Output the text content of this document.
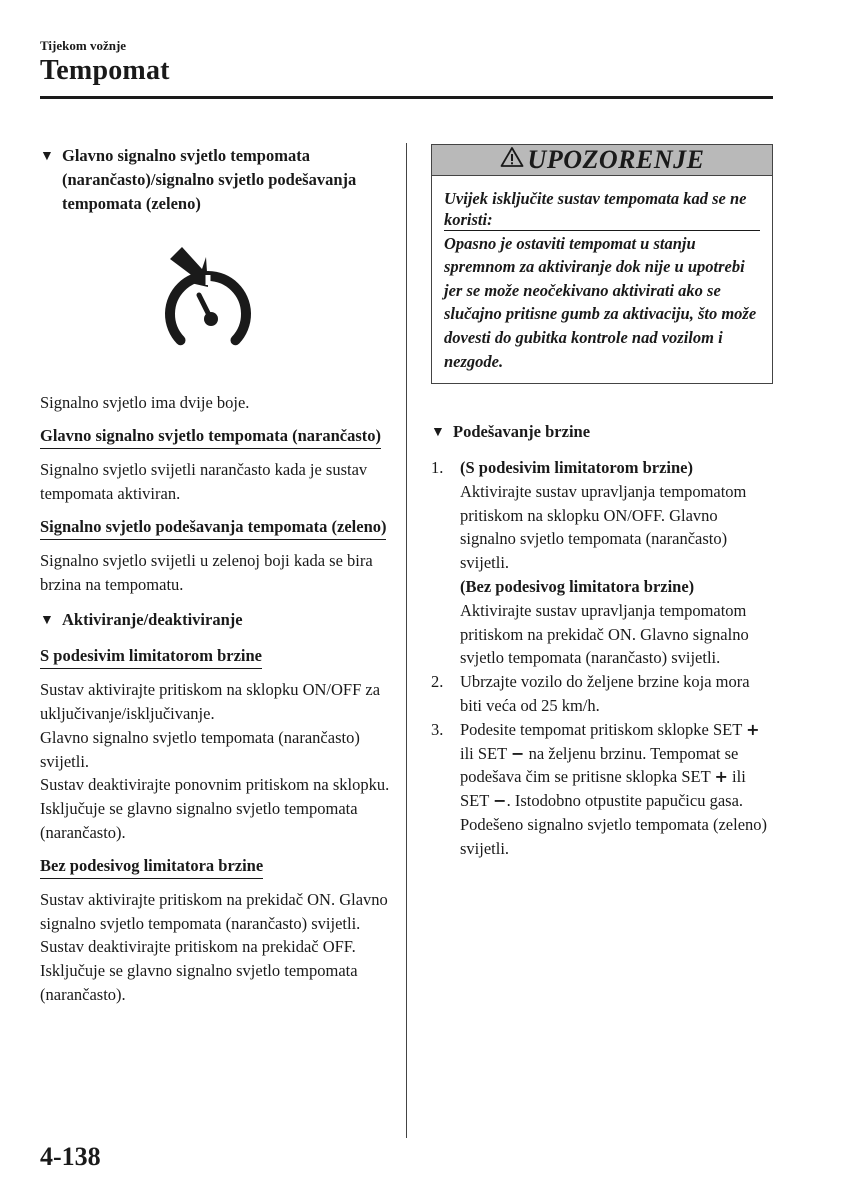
Tijekom vožnje
Tempomat
▼ Glavno signalno svjetlo tempomata (narančasto)/signalno svjetlo podešavanja tempomata (zeleno)

Signalno svjetlo ima dvije boje.

Glavno signalno svjetlo tempomata (narančasto)

Signalno svjetlo svijetli narančasto kada je sustav tempomata aktiviran.

Signalno svjetlo podešavanja tempomata (zeleno)

Signalno svjetlo svijetli u zelenoj boji kada se bira brzina na tempomatu.

▼ Aktiviranje/deaktiviranje
S podesivim limitatorom brzine

Sustav aktivirajte pritiskom na sklopku ON/OFF za uključivanje/isključivanje.

Glavno signalno svjetlo tempomata (narančasto) svijetli.

Sustav deaktivirajte ponovnim pritiskom na sklopku.

Isključuje se glavno signalno svjetlo tempomata (narančasto).

Bez podesivog limitatora brzine

Sustav aktivirajte pritiskom na prekidač ON. Glavno signalno svjetlo tempomata (narančasto) svijetli.

Sustav deaktivirajte pritiskom na prekidač OFF.

Isključuje se glavno signalno svjetlo tempomata (narančasto).

UPOZORENJE
Uvijek isključite sustav tempomata kad se ne koristi:
Opasno je ostaviti tempomat u stanju spremnom za aktiviranje dok nije u upotrebi jer se može neočekivano aktivirati ako se slučajno pritisne gumb za aktivaciju, što može dovesti do gubitka kontrole nad vozilom i nezgode.
▼ Podešavanje brzine
1.	(S podesivim limitatorom brzine)
Aktivirajte sustav upravljanja tempomatom pritiskom na sklopku ON/OFF. Glavno signalno svjetlo tempomata (narančasto) svijetli.
(Bez podesivog limitatora brzine)
Aktivirajte sustav upravljanja tempomatom pritiskom na prekidač ON. Glavno signalno svjetlo tempomata (narančasto) svijetli.
2.	Ubrzajte vozilo do željene brzine koja mora biti veća od 25 km/h.
3.	Podesite tempomat pritiskom sklopke SET + ili SET − na željenu brzinu. Tempomat se podešava čim se pritisne sklopka SET + ili SET −. Istodobno otpustite papučicu gasa. Podešeno signalno svjetlo tempomata (zeleno) svijetli.
4-138
